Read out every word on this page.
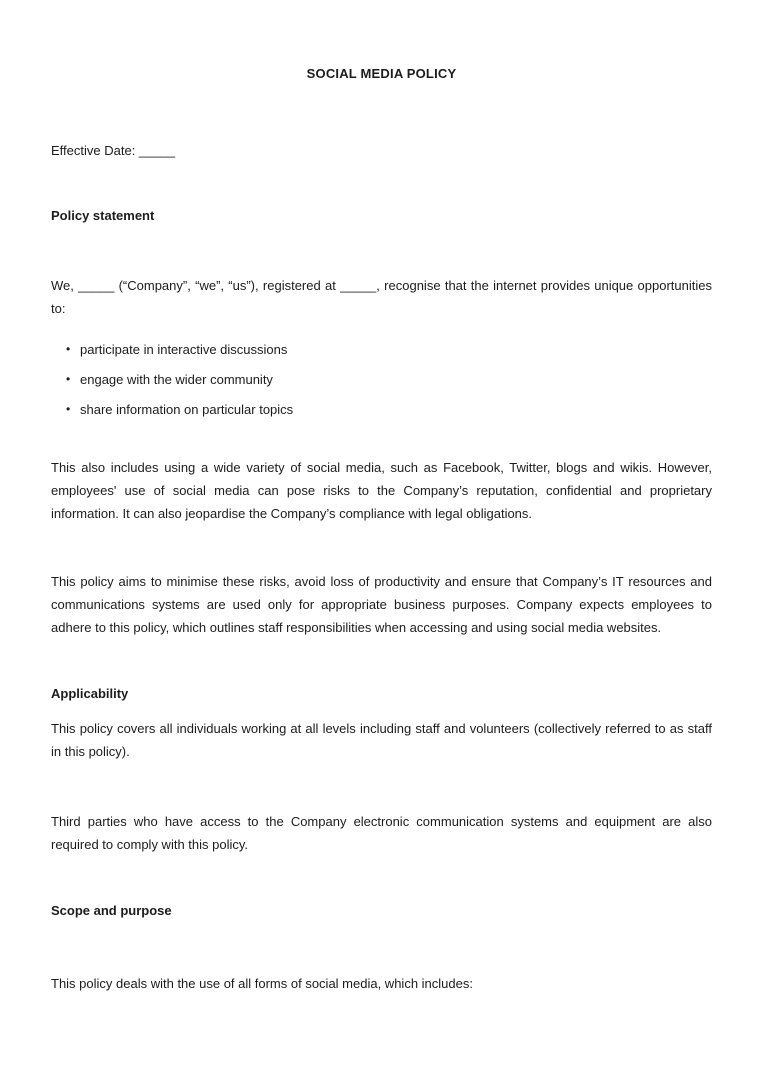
SOCIAL MEDIA POLICY

Effective Date: _____

Policy statement

We, _____ (“Company”, “we”, “us”), registered at _____, recognise that the internet provides unique opportunities to:

• participate in interactive discussions
• engage with the wider community
• share information on particular topics

This also includes using a wide variety of social media, such as Facebook, Twitter, blogs and wikis. However, employees' use of social media can pose risks to the Company’s reputation, confidential and proprietary information. It can also jeopardise the Company’s compliance with legal obligations.

This policy aims to minimise these risks, avoid loss of productivity and ensure that Company’s IT resources and communications systems are used only for appropriate business purposes. Company expects employees to adhere to this policy, which outlines staff responsibilities when accessing and using social media websites.

Applicability

This policy covers all individuals working at all levels including staff and volunteers (collectively referred to as staff in this policy).

Third parties who have access to the Company electronic communication systems and equipment are also required to comply with this policy.

Scope and purpose

This policy deals with the use of all forms of social media, which includes:
